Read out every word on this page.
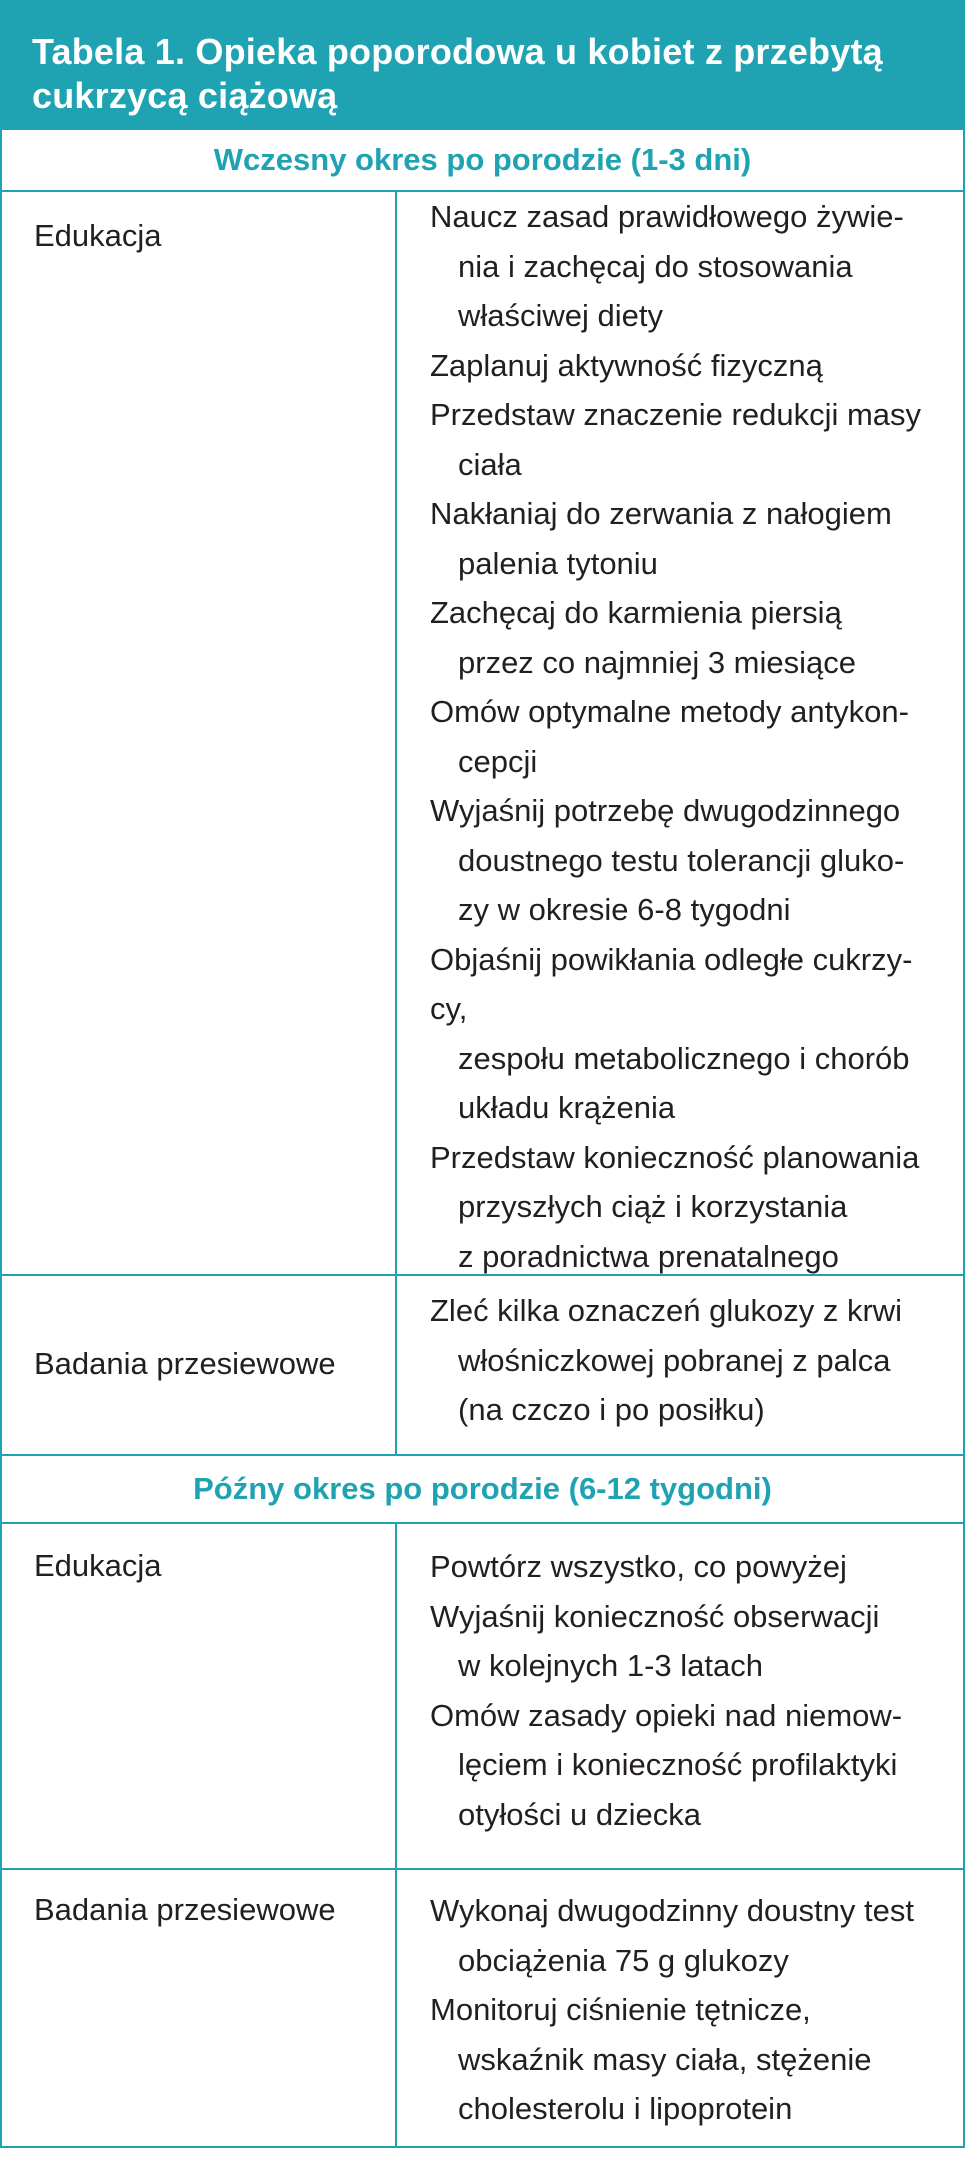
Tabela 1. Opieka poporodowa u kobiet z przebytą
cukrzycą ciążową
Wczesny okres po porodzie (1-3 dni)
Edukacja
Naucz zasad prawidłowego żywie-
nia i zachęcaj do stosowania
właściwej diety
Zaplanuj aktywność fizyczną
Przedstaw znaczenie redukcji masy
ciała
Nakłaniaj do zerwania z nałogiem
palenia tytoniu
Zachęcaj do karmienia piersią
przez co najmniej 3 miesiące
Omów optymalne metody antykon-
cepcji
Wyjaśnij potrzebę dwugodzinnego
doustnego testu tolerancji gluko-
zy w okresie 6-8 tygodni
Objaśnij powikłania odległe cukrzy-
cy,
zespołu metabolicznego i chorób
układu krążenia
Przedstaw konieczność planowania
przyszłych ciąż i korzystania
z poradnictwa prenatalnego
Badania przesiewowe
Zleć kilka oznaczeń glukozy z krwi
włośniczkowej pobranej z palca
(na czczo i po posiłku)
Późny okres po porodzie (6-12 tygodni)
Edukacja	Powtórz wszystko, co powyżej
Wyjaśnij konieczność obserwacji
w kolejnych 1-3 latach
Omów zasady opieki nad niemow-
lęciem i konieczność profilaktyki
otyłości u dziecka
Badania przesiewowe	Wykonaj dwugodzinny doustny test
obciążenia 75 g glukozy
Monitoruj ciśnienie tętnicze,
wskaźnik masy ciała, stężenie
cholesterolu i lipoprotein
